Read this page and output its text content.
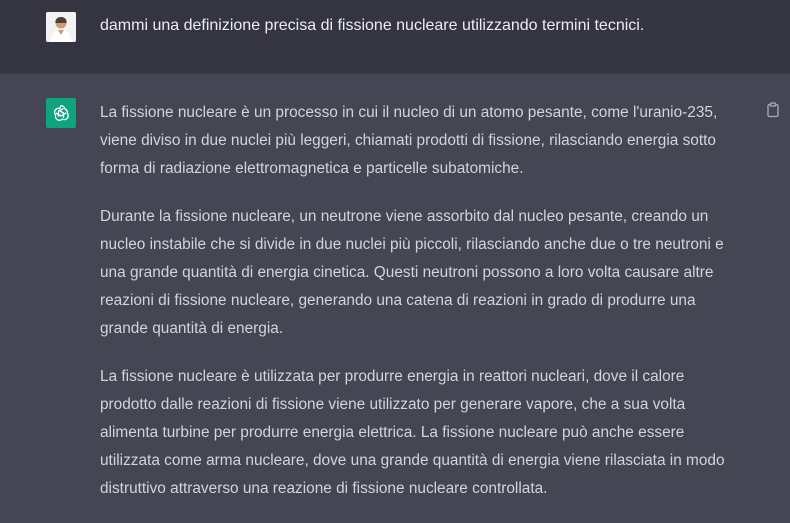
dammi una definizione precisa di fissione nucleare utilizzando termini tecnici.

La fissione nucleare è un processo in cui il nucleo di un atomo pesante, come l'uranio-235,
viene diviso in due nuclei più leggeri, chiamati prodotti di fissione, rilasciando energia sotto
forma di radiazione elettromagnetica e particelle subatomiche.

Durante la fissione nucleare, un neutrone viene assorbito dal nucleo pesante, creando un
nucleo instabile che si divide in due nuclei più piccoli, rilasciando anche due o tre neutroni e
una grande quantità di energia cinetica. Questi neutroni possono a loro volta causare altre
reazioni di fissione nucleare, generando una catena di reazioni in grado di produrre una
grande quantità di energia.

La fissione nucleare è utilizzata per produrre energia in reattori nucleari, dove il calore
prodotto dalle reazioni di fissione viene utilizzato per generare vapore, che a sua volta
alimenta turbine per produrre energia elettrica. La fissione nucleare può anche essere
utilizzata come arma nucleare, dove una grande quantità di energia viene rilasciata in modo
distruttivo attraverso una reazione di fissione nucleare controllata.
